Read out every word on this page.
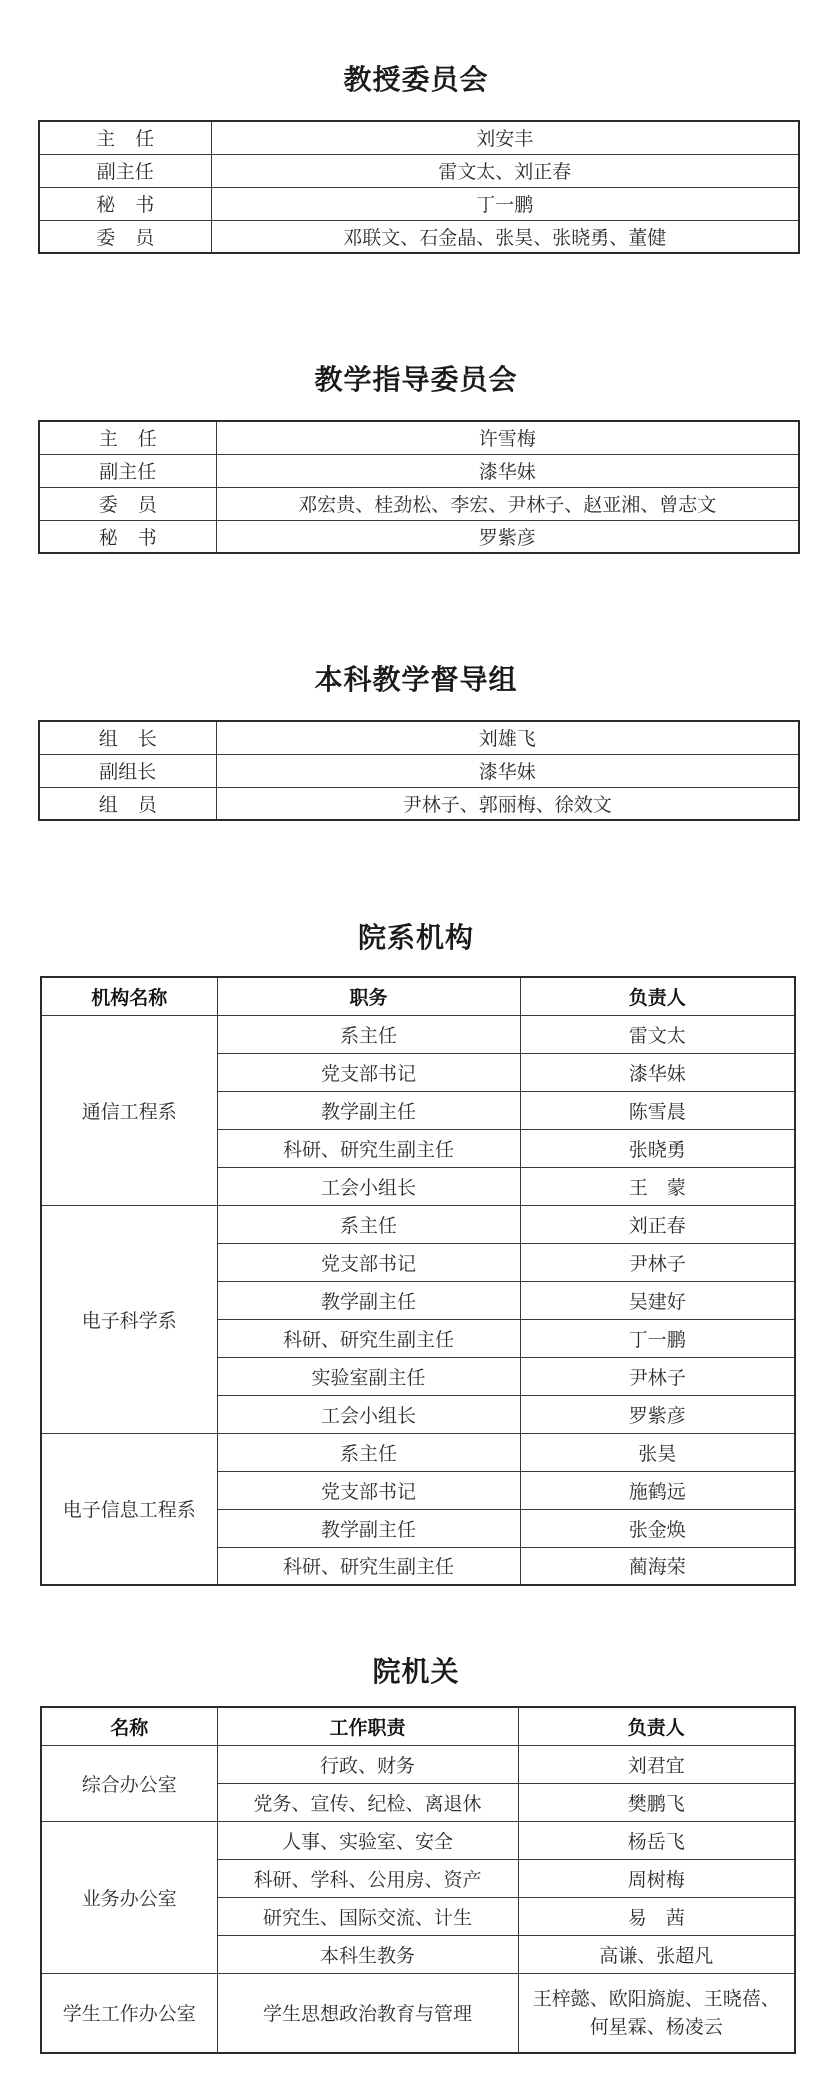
教授委员会
主任	刘安丰
副主任	雷文太、刘正春
秘书	丁一鹏
委员	邓联文、石金晶、张昊、张晓勇、董健
教学指导委员会
主任	许雪梅
副主任	漆华妹
委员	邓宏贵、桂劲松、李宏、尹林子、赵亚湘、曾志文
秘书	罗紫彦
本科教学督导组
组长	刘雄飞
副组长	漆华妹
组员	尹林子、郭丽梅、徐效文
院系机构
机构名称	职务	负责人
通信工程系	系主任	雷文太
	党支部书记	漆华妹
	教学副主任	陈雪晨
	科研、研究生副主任	张晓勇
	工会小组长	王　蒙
电子科学系	系主任	刘正春
	党支部书记	尹林子
	教学副主任	吴建好
	科研、研究生副主任	丁一鹏
	实验室副主任	尹林子
	工会小组长	罗紫彦
电子信息工程系	系主任	张昊
	党支部书记	施鹤远
	教学副主任	张金焕
	科研、研究生副主任	蔺海荣
院机关
名称	工作职责	负责人
综合办公室	行政、财务	刘君宜
	党务、宣传、纪检、离退休	樊鹏飞
业务办公室	人事、实验室、安全	杨岳飞
	科研、学科、公用房、资产	周树梅
	研究生、国际交流、计生	易　茜
	本科生教务	高谦、张超凡
学生工作办公室	学生思想政治教育与管理	王梓懿、欧阳旖旎、王晓蓓、
何星霖、杨凌云
